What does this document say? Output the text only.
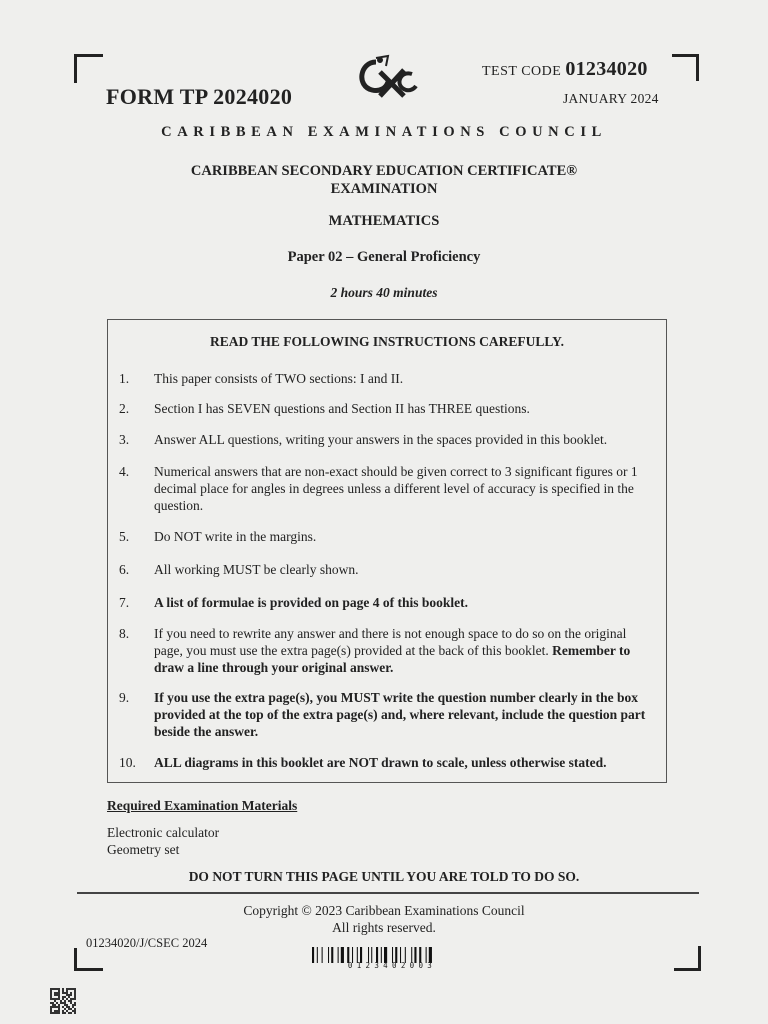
FORM TP 2024020
TEST CODE 01234020
JANUARY 2024
CARIBBEAN EXAMINATIONS COUNCIL
CARIBBEAN SECONDARY EDUCATION CERTIFICATE®
EXAMINATION
MATHEMATICS
Paper 02 – General Proficiency
2 hours 40 minutes
READ THE FOLLOWING INSTRUCTIONS CAREFULLY.
1. This paper consists of TWO sections: I and II.
2. Section I has SEVEN questions and Section II has THREE questions.
3. Answer ALL questions, writing your answers in the spaces provided in this booklet.
4. Numerical answers that are non-exact should be given correct to 3 significant figures or 1 decimal place for angles in degrees unless a different level of accuracy is specified in the question.
5. Do NOT write in the margins.
6. All working MUST be clearly shown.
7. A list of formulae is provided on page 4 of this booklet.
8. If you need to rewrite any answer and there is not enough space to do so on the original page, you must use the extra page(s) provided at the back of this booklet. Remember to draw a line through your original answer.
9. If you use the extra page(s), you MUST write the question number clearly in the box provided at the top of the extra page(s) and, where relevant, include the question part beside the answer.
10. ALL diagrams in this booklet are NOT drawn to scale, unless otherwise stated.
Required Examination Materials
Electronic calculator
Geometry set
DO NOT TURN THIS PAGE UNTIL YOU ARE TOLD TO DO SO.
Copyright © 2023 Caribbean Examinations Council
All rights reserved.
01234020/J/CSEC 2024
0123402003
